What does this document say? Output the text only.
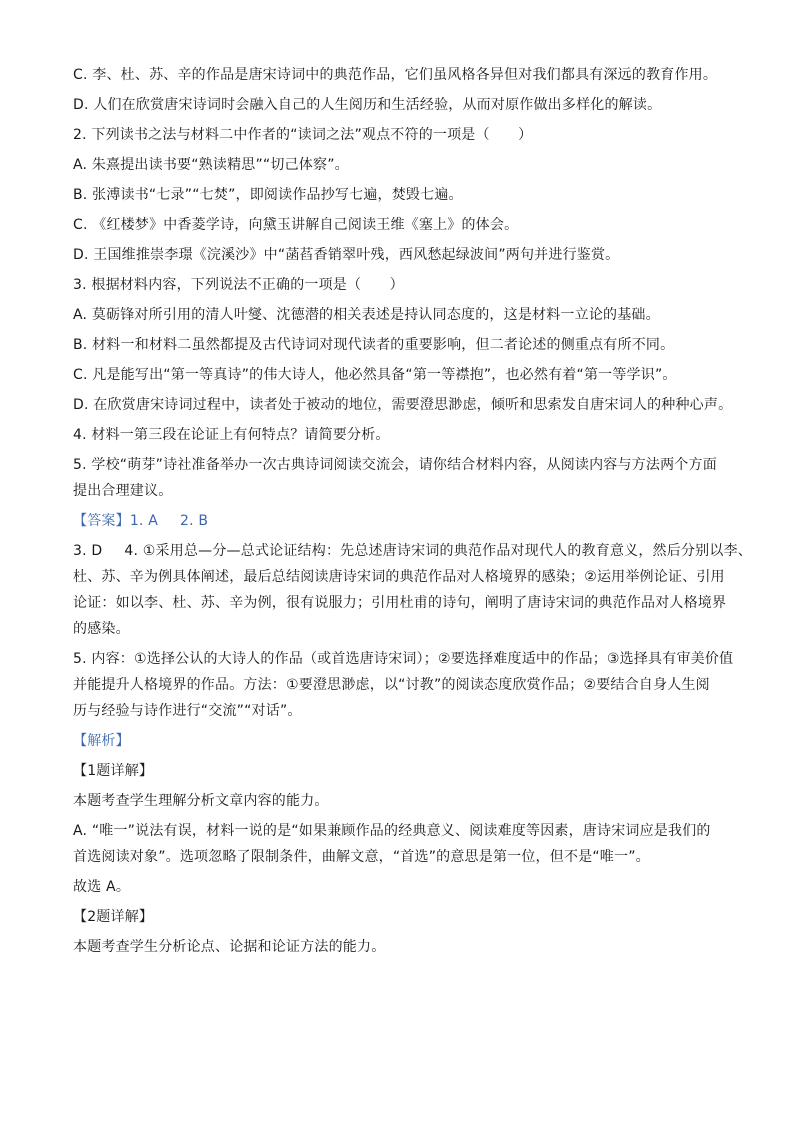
C. 李、杜、苏、辛的作品是唐宋诗词中的典范作品，它们虽风格各异但对我们都具有深远的教育作用。
D. 人们在欣赏唐宋诗词时会融入自己的人生阅历和生活经验，从而对原作做出多样化的解读。
2. 下列读书之法与材料二中作者的“读词之法”观点不符的一项是（　　）
A. 朱熹提出读书要“熟读精思”“切己体察”。
B. 张溥读书“七录”“七焚”，即阅读作品抄写七遍，焚毁七遍。
C. 《红楼梦》中香菱学诗，向黛玉讲解自己阅读王维《塞上》的体会。
D. 王国维推崇李璟《浣溪沙》中“菡萏香销翠叶残，西风愁起绿波间”两句并进行鉴赏。
3. 根据材料内容，下列说法不正确的一项是（　　）
A. 莫砺锋对所引用的清人叶燮、沈德潜的相关表述是持认同态度的，这是材料一立论的基础。
B. 材料一和材料二虽然都提及古代诗词对现代读者的重要影响，但二者论述的侧重点有所不同。
C. 凡是能写出“第一等真诗”的伟大诗人，他必然具备“第一等襟抱”，也必然有着“第一等学识”。
D. 在欣赏唐宋诗词过程中，读者处于被动的地位，需要澄思渺虑，倾听和思索发自唐宋词人的种种心声。
4. 材料一第三段在论证上有何特点？请简要分析。
5. 学校“萌芽”诗社准备举办一次古典诗词阅读交流会，请你结合材料内容，从阅读内容与方法两个方面
提出合理建议。
【答案】1. A 2. B
3. D 4. ①采用总—分—总式论证结构：先总述唐诗宋词的典范作品对现代人的教育意义，然后分别以李、
杜、苏、辛为例具体阐述，最后总结阅读唐诗宋词的典范作品对人格境界的感染；②运用举例论证、引用
论证：如以李、杜、苏、辛为例，很有说服力；引用杜甫的诗句，阐明了唐诗宋词的典范作品对人格境界
的感染。
5. 内容：①选择公认的大诗人的作品（或首选唐诗宋词）；②要选择难度适中的作品；③选择具有审美价值
并能提升人格境界的作品。方法：①要澄思渺虑，以“讨教”的阅读态度欣赏作品；②要结合自身人生阅
历与经验与诗作进行“交流”“对话”。
【解析】
【1题详解】
本题考查学生理解分析文章内容的能力。
A. “唯一”说法有误，材料一说的是“如果兼顾作品的经典意义、阅读难度等因素，唐诗宋词应是我们的
首选阅读对象”。选项忽略了限制条件，曲解文意，“首选”的意思是第一位，但不是“唯一”。
故选 A。
【2题详解】
本题考查学生分析论点、论据和论证方法的能力。
